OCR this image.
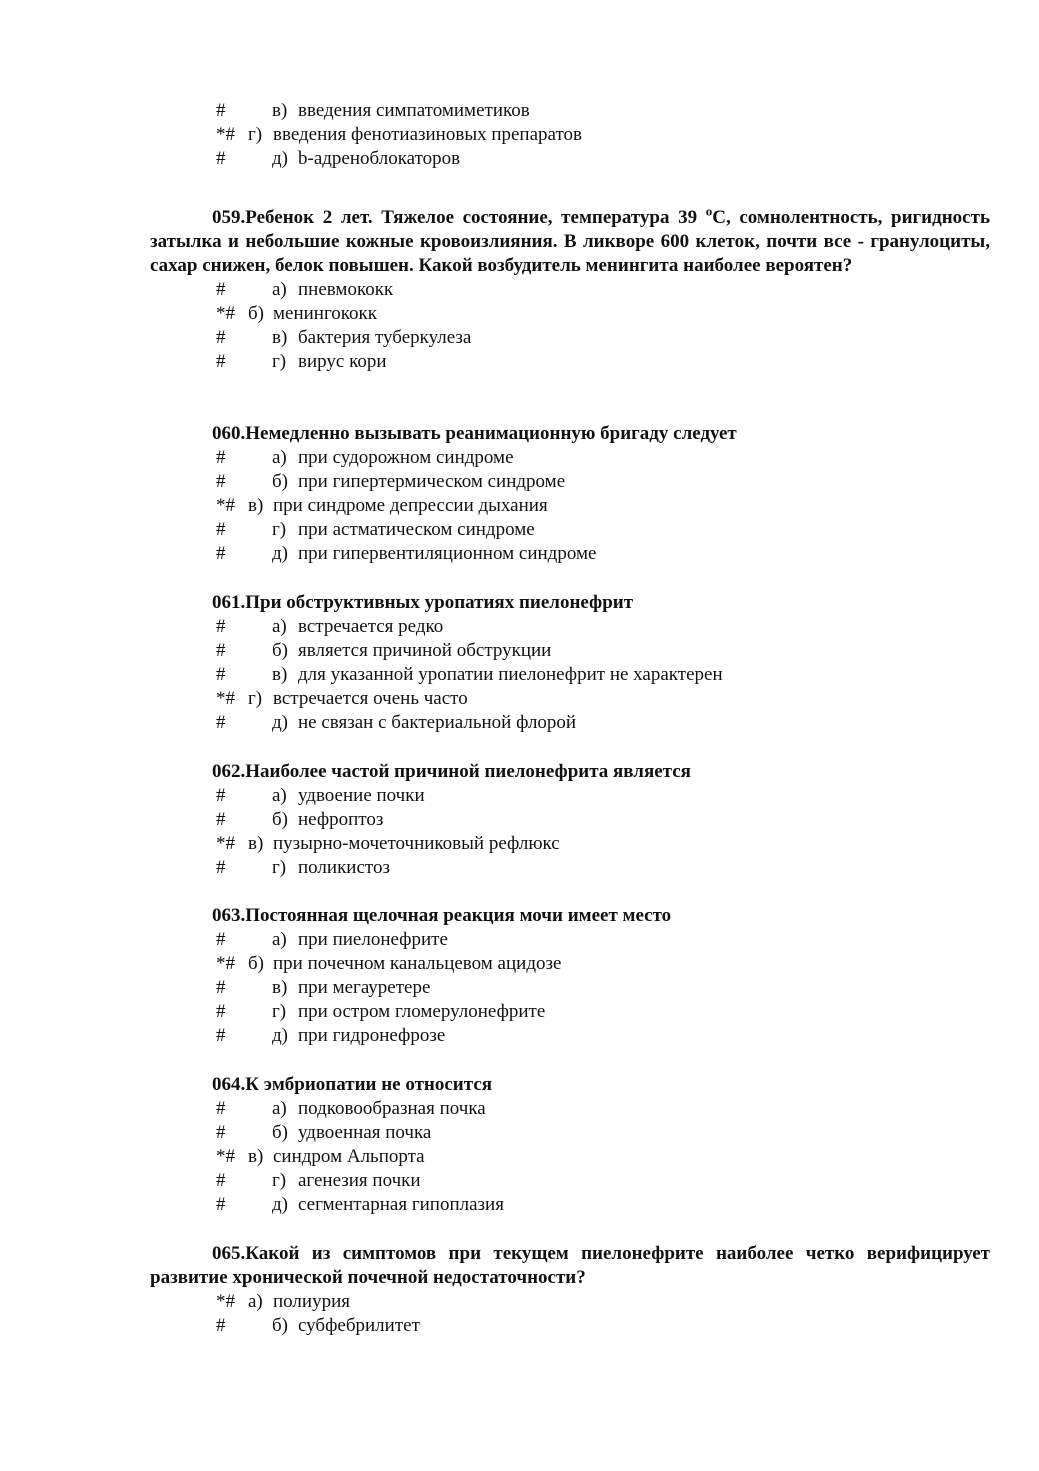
# в) введения симпатомиметиков
*# г) введения фенотиазиновых препаратов
# д) b-адреноблокаторов
059.Ребенок 2 лет. Тяжелое состояние, температура 39 $^o$С, сомнолентность, ригидность затылка и небольшие кожные кровоизлияния. В ликворе 600 клеток, почти все - гранулоциты, сахар снижен, белок повышен. Какой возбудитель менингита наиболее вероятен?
# а) пневмококк
*# б) менингококк
# в) бактерия туберкулеза
# г) вирус кори
060.Немедленно вызывать реанимационную бригаду следует
# а) при судорожном синдроме
# б) при гипертермическом синдроме
*# в) при синдроме депрессии дыхания
# г) при астматическом синдроме
# д) при гипервентиляционном синдроме
061.При обструктивных уропатиях пиелонефрит
# а) встречается редко
# б) является причиной обструкции
# в) для указанной уропатии пиелонефрит не характерен
*# г) встречается очень часто
# д) не связан с бактериальной флорой
062.Наиболее частой причиной пиелонефрита является
# а) удвоение почки
# б) нефроптоз
*# в) пузырно-мочеточниковый рефлюкс
# г) поликистоз
063.Постоянная щелочная реакция мочи имеет место
# а) при пиелонефрите
*# б) при почечном канальцевом ацидозе
# в) при мегауретере
# г) при остром гломерулонефрите
# д) при гидронефрозе
064.К эмбриопатии не относится
# а) подковообразная почка
# б) удвоенная почка
*# в) синдром Альпорта
# г) агенезия почки
# д) сегментарная гипоплазия
065.Какой из симптомов при текущем пиелонефрите наиболее четко верифицирует развитие хронической почечной недостаточности?
*# а) полиурия
# б) субфебрилитет
